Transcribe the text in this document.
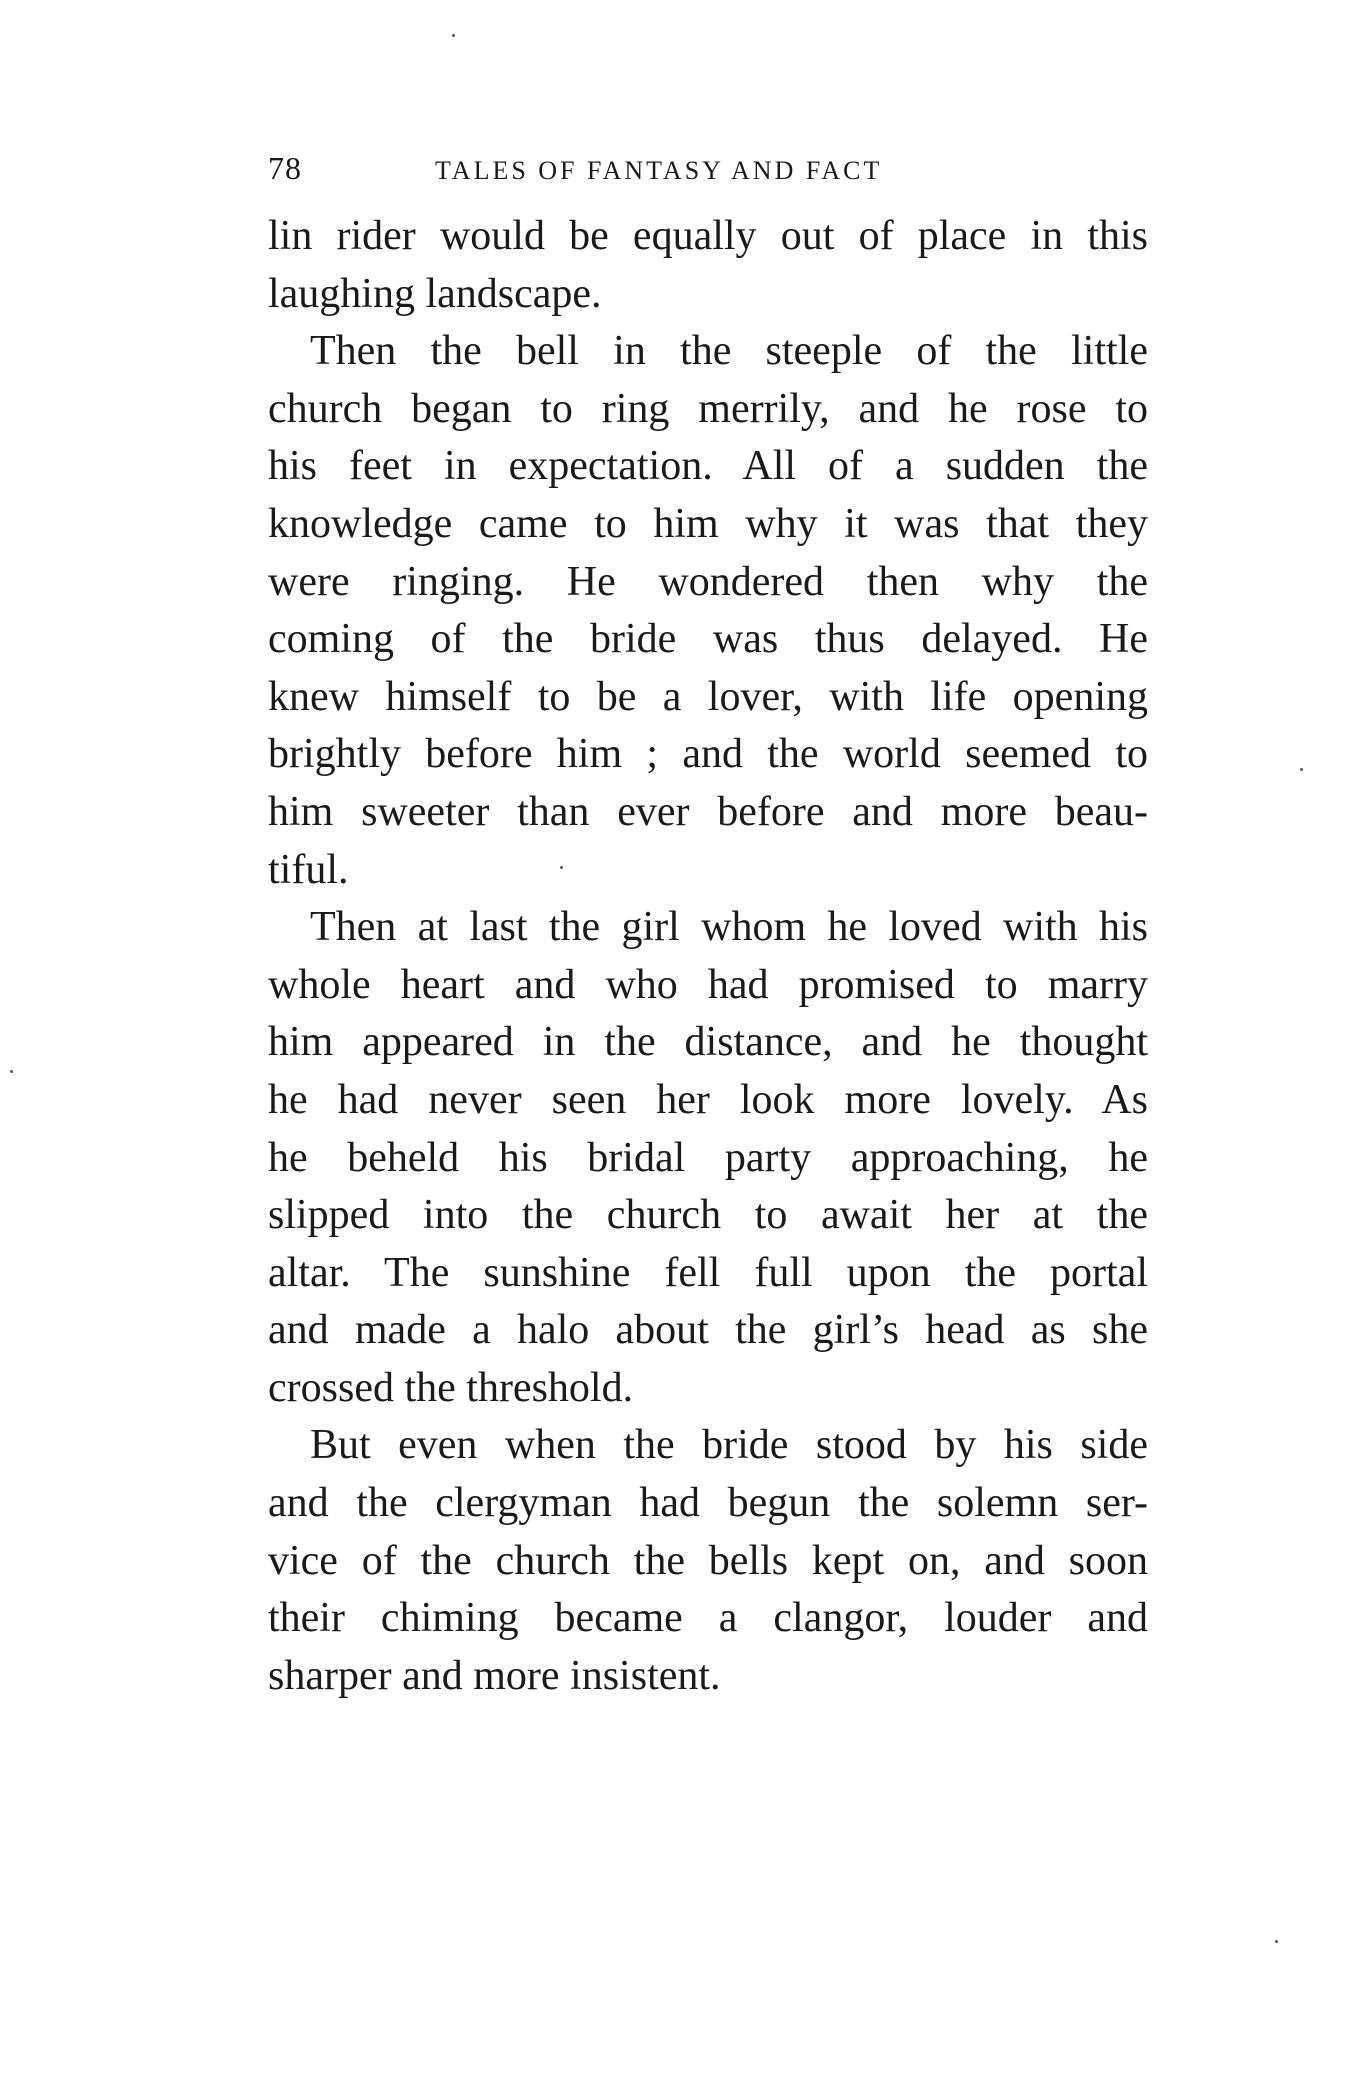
78	TALES OF FANTASY AND FACT
lin rider would be equally out of place in this
laughing landscape.
Then the bell in the steeple of the little
church began to ring merrily, and he rose to
his feet in expectation. All of a sudden the
knowledge came to him why it was that they
were ringing. He wondered then why the
coming of the bride was thus delayed. He
knew himself to be a lover, with life opening
brightly before him ; and the world seemed to
him sweeter than ever before and more beau-
tiful.
Then at last the girl whom he loved with his
whole heart and who had promised to marry
him appeared in the distance, and he thought
he had never seen her look more lovely. As
he beheld his bridal party approaching, he
slipped into the church to await her at the
altar. The sunshine fell full upon the portal
and made a halo about the girl’s head as she
crossed the threshold.
But even when the bride stood by his side
and the clergyman had begun the solemn ser-
vice of the church the bells kept on, and soon
their chiming became a clangor, louder and
sharper and more insistent.
